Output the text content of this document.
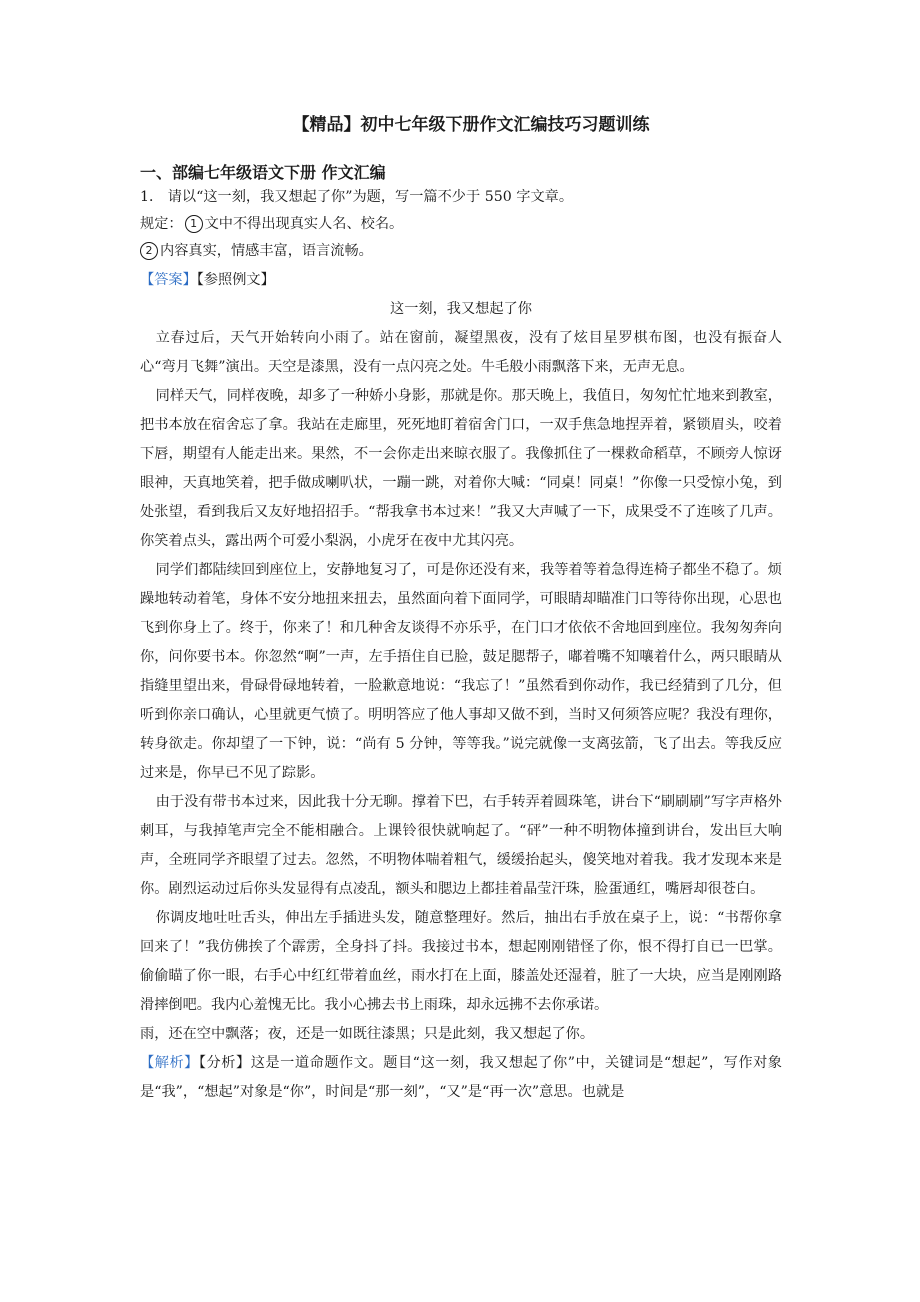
【精品】初中七年级下册作文汇编技巧习题训练
一、部编七年级语文下册 作文汇编

1． 请以“这一刻，我又想起了你”为题，写一篇不少于 550 字文章。

规定： 1 文中不得出现真实人名、校名。

2 内容真实，情感丰富，语言流畅。

【答案】【参照例文】

这一刻，我又想起了你

立春过后，天气开始转向小雨了。站在窗前，凝望黑夜，没有了炫目星罗棋布图，也没有振奋人心“弯月飞舞”演出。天空是漆黑，没有一点闪亮之处。牛毛般小雨飘落下来，无声无息。

同样天气，同样夜晚，却多了一种娇小身影，那就是你。那天晚上，我值日，匆匆忙忙地来到教室，把书本放在宿舍忘了拿。我站在走廊里，死死地盯着宿舍门口，一双手焦急地捏弄着，紧锁眉头，咬着下唇，期望有人能走出来。果然，不一会你走出来晾衣服了。我像抓住了一棵救命稻草，不顾旁人惊讶眼神，天真地笑着，把手做成喇叭状，一蹦一跳，对着你大喊：“同桌！同桌！”你像一只受惊小兔，到处张望，看到我后又友好地招招手。“帮我拿书本过来！”我又大声喊了一下，成果受不了连咳了几声。你笑着点头，露出两个可爱小梨涡，小虎牙在夜中尤其闪亮。

同学们都陆续回到座位上，安静地复习了，可是你还没有来，我等着等着急得连椅子都坐不稳了。烦躁地转动着笔，身体不安分地扭来扭去，虽然面向着下面同学，可眼睛却瞄准门口等待你出现，心思也飞到你身上了。终于，你来了！和几种舍友谈得不亦乐乎，在门口才依依不舍地回到座位。我匆匆奔向你，问你要书本。你忽然“啊”一声，左手捂住自已脸，鼓足腮帮子，嘟着嘴不知嚷着什么，两只眼睛从指缝里望出来，骨碌骨碌地转着，一脸歉意地说：“我忘了！”虽然看到你动作，我已经猜到了几分，但听到你亲口确认，心里就更气愤了。明明答应了他人事却又做不到，当时又何须答应呢？我没有理你，转身欲走。你却望了一下钟，说：“尚有 5 分钟，等等我。”说完就像一支离弦箭，飞了出去。等我反应过来是，你早已不见了踪影。

由于没有带书本过来，因此我十分无聊。撑着下巴，右手转弄着圆珠笔，讲台下“刷刷刷”写字声格外刺耳，与我掉笔声完全不能相融合。上课铃很快就响起了。“砰”一种不明物体撞到讲台，发出巨大响声，全班同学齐眼望了过去。忽然，不明物体喘着粗气，缓缓抬起头，傻笑地对着我。我才发现本来是你。剧烈运动过后你头发显得有点凌乱，额头和腮边上都挂着晶莹汗珠，脸蛋通红，嘴唇却很苍白。

你调皮地吐吐舌头，伸出左手插进头发，随意整理好。然后，抽出右手放在桌子上，说：“书帮你拿回来了！”我仿佛挨了个霹雳，全身抖了抖。我接过书本，想起刚刚错怪了你，恨不得打自已一巴掌。偷偷瞄了你一眼，右手心中红红带着血丝，雨水打在上面，膝盖处还湿着，脏了一大块，应当是刚刚路滑摔倒吧。我内心羞愧无比。我小心拂去书上雨珠，却永远拂不去你承诺。

雨，还在空中飘落；夜，还是一如既往漆黑；只是此刻，我又想起了你。

【解析】【分析】这是一道命题作文。题目“这一刻，我又想起了你”中，关键词是“想起”，写作对象是“我”，“想起”对象是“你”，时间是“那一刻”，“又”是“再一次”意思。也就是
